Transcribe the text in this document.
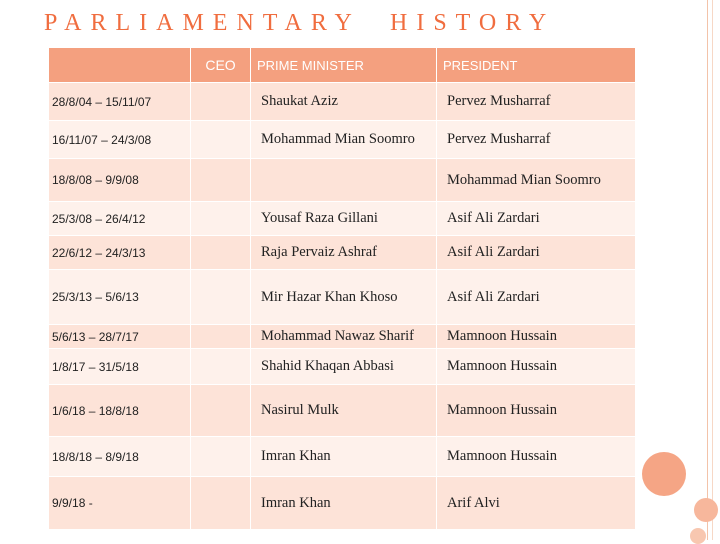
PARLIAMENTARY  HISTORY
	CEO	PRIME MINISTER	PRESIDENT
28/8/04 – 15/11/07		Shaukat Aziz	Pervez Musharraf
16/11/07 – 24/3/08		Mohammad Mian Soomro	Pervez Musharraf
18/8/08 – 9/9/08			Mohammad Mian Soomro
25/3/08 – 26/4/12		Yousaf Raza Gillani	Asif Ali Zardari
22/6/12 – 24/3/13		Raja Pervaiz Ashraf	Asif Ali Zardari
25/3/13 – 5/6/13		Mir Hazar Khan Khoso	Asif Ali Zardari
5/6/13 – 28/7/17		Mohammad Nawaz Sharif	Mamnoon Hussain
1/8/17 – 31/5/18		Shahid Khaqan Abbasi	Mamnoon Hussain
1/6/18 – 18/8/18		Nasirul Mulk	Mamnoon Hussain
18/8/18 – 8/9/18		Imran Khan	Mamnoon Hussain
9/9/18 -		Imran Khan	Arif Alvi
